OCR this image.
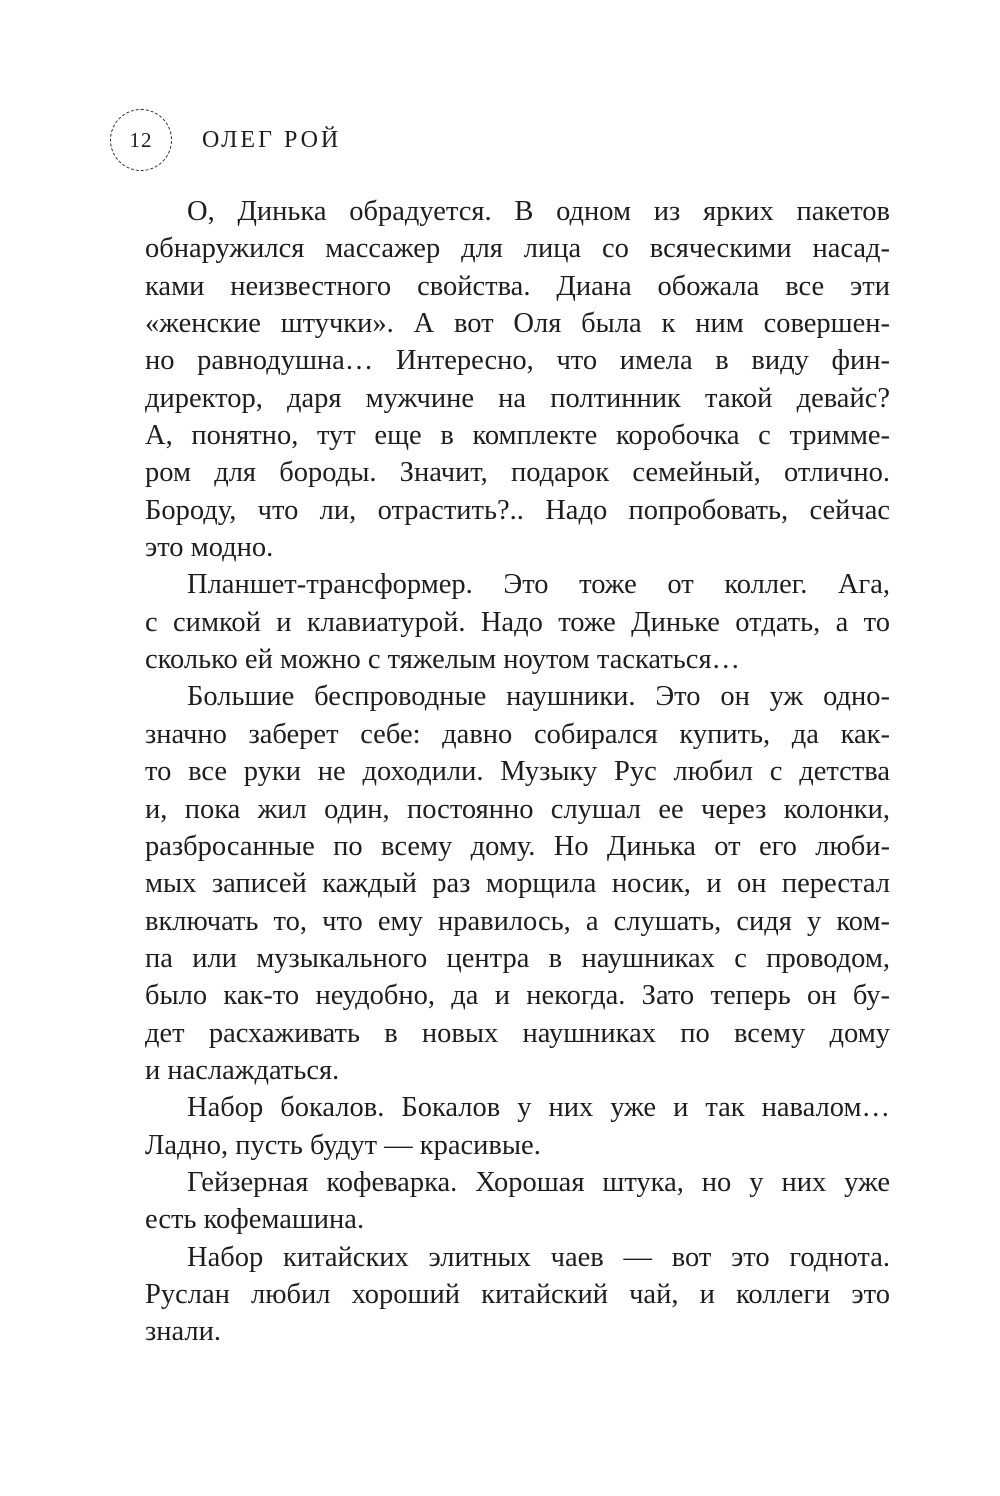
12 ОЛЕГ РОЙ
О, Динька обрадуется. В одном из ярких пакетов
обнаружился массажер для лица со всяческими насад-
ками неизвестного свойства. Диана обожала все эти
«женские штучки». А вот Оля была к ним совершен-
но равнодушна… Интересно, что имела в виду фин-
директор, даря мужчине на полтинник такой девайс?
А, понятно, тут еще в комплекте коробочка с тримме-
ром для бороды. Значит, подарок семейный, отлично.
Бороду, что ли, отрастить?.. Надо попробовать, сейчас
это модно.
Планшет-трансформер. Это тоже от коллег. Ага,
с симкой и клавиатурой. Надо тоже Диньке отдать, а то
сколько ей можно с тяжелым ноутом таскаться…
Большие беспроводные наушники. Это он уж одно-
значно заберет себе: давно собирался купить, да как-
то все руки не доходили. Музыку Рус любил с детства
и, пока жил один, постоянно слушал ее через колонки,
разбросанные по всему дому. Но Динька от его люби-
мых записей каждый раз морщила носик, и он перестал
включать то, что ему нравилось, а слушать, сидя у ком-
па или музыкального центра в наушниках с проводом,
было как-то неудобно, да и некогда. Зато теперь он бу-
дет расхаживать в новых наушниках по всему дому
и наслаждаться.
Набор бокалов. Бокалов у них уже и так навалом…
Ладно, пусть будут — красивые.
Гейзерная кофеварка. Хорошая штука, но у них уже
есть кофемашина.
Набор китайских элитных чаев — вот это годнота.
Руслан любил хороший китайский чай, и коллеги это
знали.
